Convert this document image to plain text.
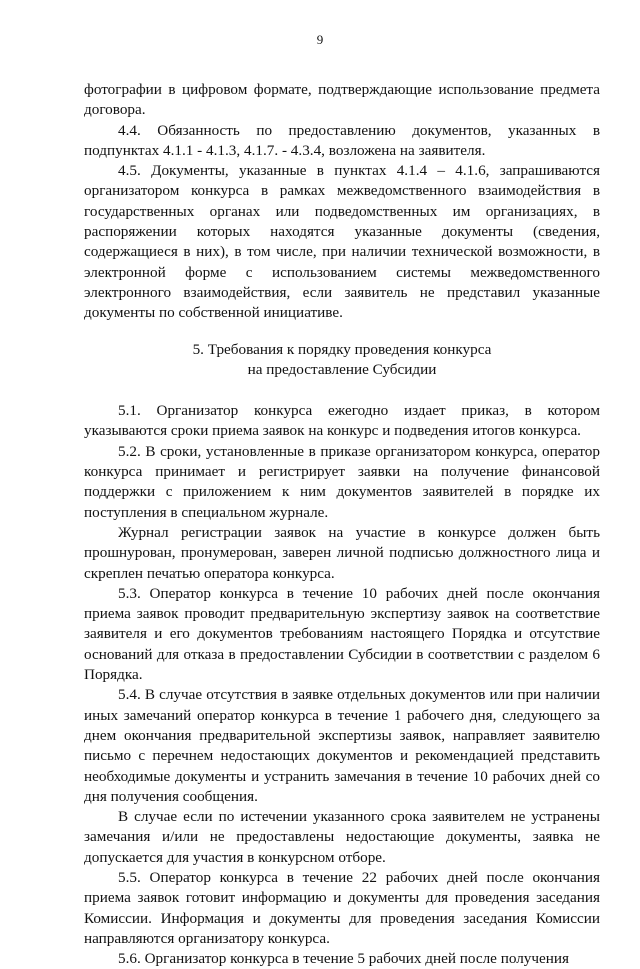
9

фотографии в цифровом формате, подтверждающие использование предмета договора.

4.4. Обязанность по предоставлению документов, указанных в подпунктах 4.1.1 - 4.1.3, 4.1.7. - 4.3.4, возложена на заявителя.

4.5. Документы, указанные в пунктах 4.1.4 – 4.1.6, запрашиваются организатором конкурса в рамках межведомственного взаимодействия в государственных органах или подведомственных им организациях, в распоряжении которых находятся указанные документы (сведения, содержащиеся в них), в том числе, при наличии технической возможности, в электронной форме с использованием системы межведомственного электронного взаимодействия, если заявитель не представил указанные документы по собственной инициативе.

5. Требования к порядку проведения конкурса
на предоставление Субсидии

5.1. Организатор конкурса ежегодно издает приказ, в котором указываются сроки приема заявок на конкурс и подведения итогов конкурса.

5.2. В сроки, установленные в приказе организатором конкурса, оператор конкурса принимает и регистрирует заявки на получение финансовой поддержки с приложением к ним документов заявителей в порядке их поступления в специальном журнале.

Журнал регистрации заявок на участие в конкурсе должен быть прошнурован, пронумерован, заверен личной подписью должностного лица и скреплен печатью оператора конкурса.

5.3. Оператор конкурса в течение 10 рабочих дней после окончания приема заявок проводит предварительную экспертизу заявок на соответствие заявителя и его документов требованиям настоящего Порядка и отсутствие оснований для отказа в предоставлении Субсидии в соответствии с разделом 6 Порядка.

5.4. В случае отсутствия в заявке отдельных документов или при наличии иных замечаний оператор конкурса в течение 1 рабочего дня, следующего за днем окончания предварительной экспертизы заявок, направляет заявителю письмо с перечнем недостающих документов и рекомендацией представить необходимые документы и устранить замечания в течение 10 рабочих дней со дня получения сообщения.

В случае если по истечении указанного срока заявителем не устранены замечания и/или не предоставлены недостающие документы, заявка не допускается для участия в конкурсном отборе.

5.5. Оператор конкурса в течение 22 рабочих дней после окончания приема заявок готовит информацию и документы для проведения заседания Комиссии. Информация и документы для проведения заседания Комиссии направляются организатору конкурса.

5.6. Организатор конкурса в течение 5 рабочих дней после получения
